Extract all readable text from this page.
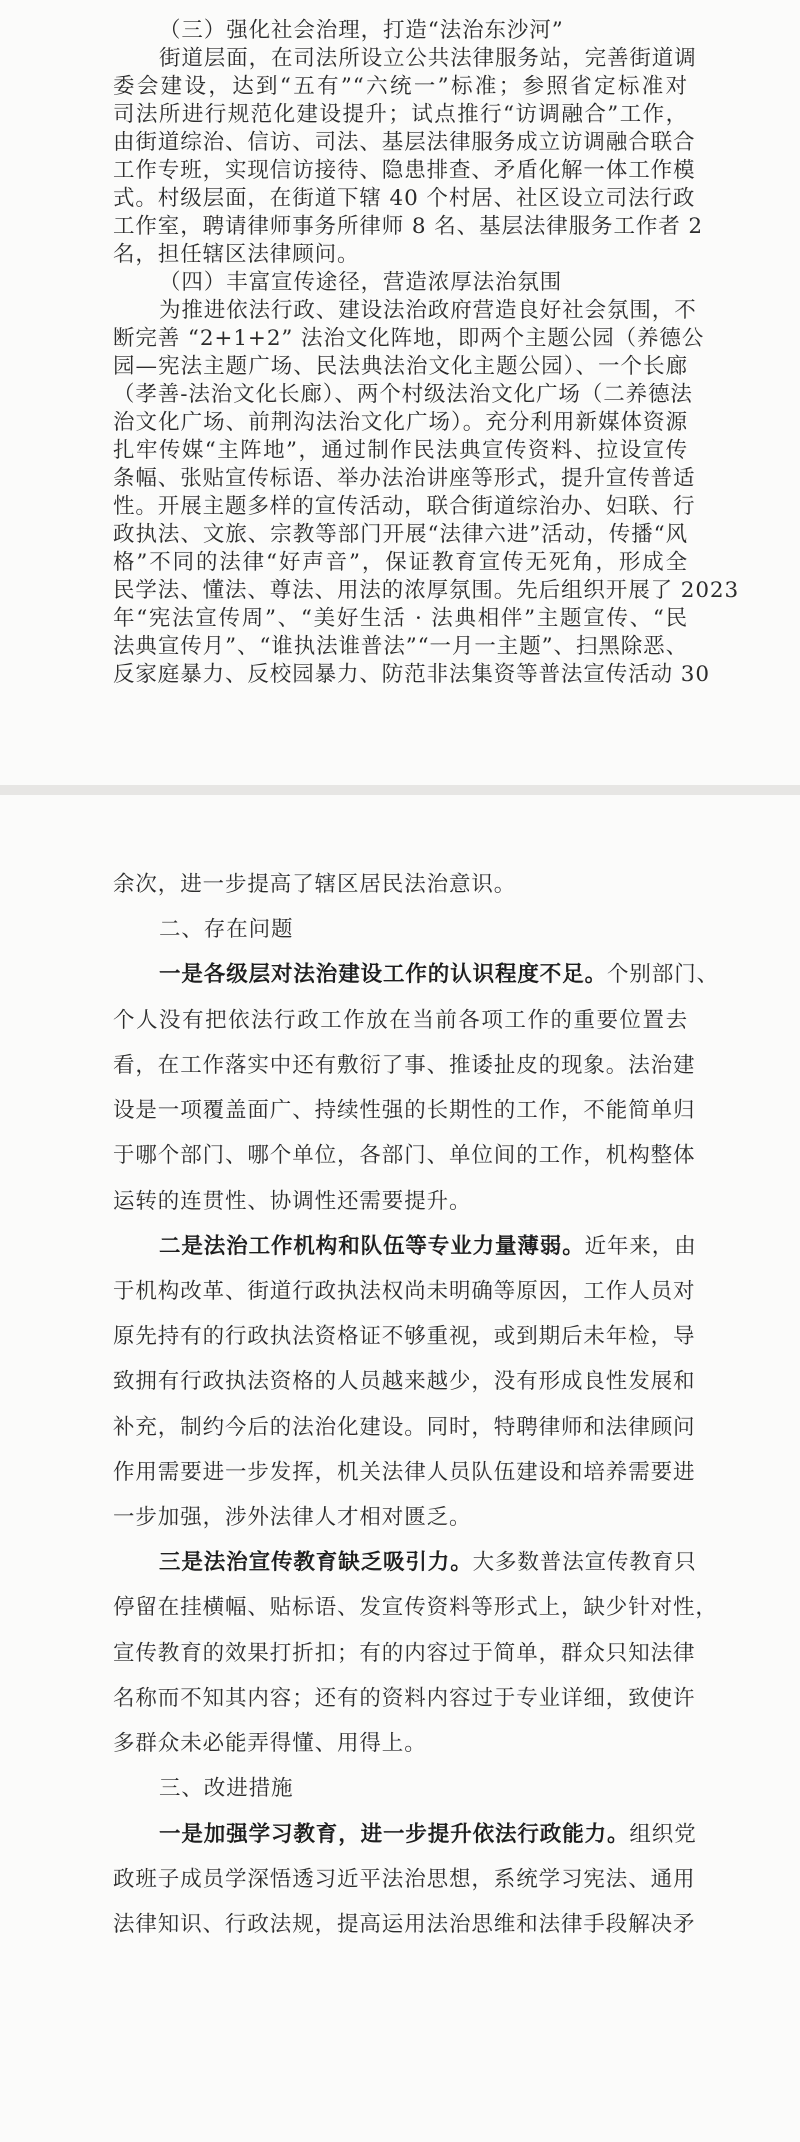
（三）强化社会治理，打造“法治东沙河”
街道层面，在司法所设立公共法律服务站，完善街道调
委会建设，达到“五有”“六统一”标准；参照省定标准对
司法所进行规范化建设提升；试点推行“访调融合”工作，
由街道综治、信访、司法、基层法律服务成立访调融合联合
工作专班，实现信访接待、隐患排查、矛盾化解一体工作模
式。村级层面，在街道下辖 40 个村居、社区设立司法行政
工作室，聘请律师事务所律师 8 名、基层法律服务工作者 2
名，担任辖区法律顾问。
（四）丰富宣传途径，营造浓厚法治氛围
为推进依法行政、建设法治政府营造良好社会氛围，不
断完善 “2+1+2” 法治文化阵地，即两个主题公园（养德公
园—宪法主题广场、民法典法治文化主题公园）、一个长廊
（孝善-法治文化长廊）、两个村级法治文化广场（二养德法
治文化广场、前荆沟法治文化广场）。充分利用新媒体资源
扎牢传媒“主阵地”，通过制作民法典宣传资料、拉设宣传
条幅、张贴宣传标语、举办法治讲座等形式，提升宣传普适
性。开展主题多样的宣传活动，联合街道综治办、妇联、行
政执法、文旅、宗教等部门开展“法律六进”活动，传播“风
格”不同的法律“好声音”，保证教育宣传无死角，形成全
民学法、懂法、尊法、用法的浓厚氛围。先后组织开展了 2023
年“宪法宣传周”、“美好生活 · 法典相伴”主题宣传、“民
法典宣传月”、“谁执法谁普法”“一月一主题”、扫黑除恶、
反家庭暴力、反校园暴力、防范非法集资等普法宣传活动 30
余次，进一步提高了辖区居民法治意识。
二、存在问题
一是各级层对法治建设工作的认识程度不足。个别部门、
个人没有把依法行政工作放在当前各项工作的重要位置去
看，在工作落实中还有敷衍了事、推诿扯皮的现象。法治建
设是一项覆盖面广、持续性强的长期性的工作，不能简单归
于哪个部门、哪个单位，各部门、单位间的工作，机构整体
运转的连贯性、协调性还需要提升。
二是法治工作机构和队伍等专业力量薄弱。近年来，由
于机构改革、街道行政执法权尚未明确等原因，工作人员对
原先持有的行政执法资格证不够重视，或到期后未年检，导
致拥有行政执法资格的人员越来越少，没有形成良性发展和
补充，制约今后的法治化建设。同时，特聘律师和法律顾问
作用需要进一步发挥，机关法律人员队伍建设和培养需要进
一步加强，涉外法律人才相对匮乏。
三是法治宣传教育缺乏吸引力。大多数普法宣传教育只
停留在挂横幅、贴标语、发宣传资料等形式上，缺少针对性，
宣传教育的效果打折扣；有的内容过于简单，群众只知法律
名称而不知其内容；还有的资料内容过于专业详细，致使许
多群众未必能弄得懂、用得上。
三、改进措施
一是加强学习教育，进一步提升依法行政能力。组织党
政班子成员学深悟透习近平法治思想，系统学习宪法、通用
法律知识、行政法规，提高运用法治思维和法律手段解决矛
